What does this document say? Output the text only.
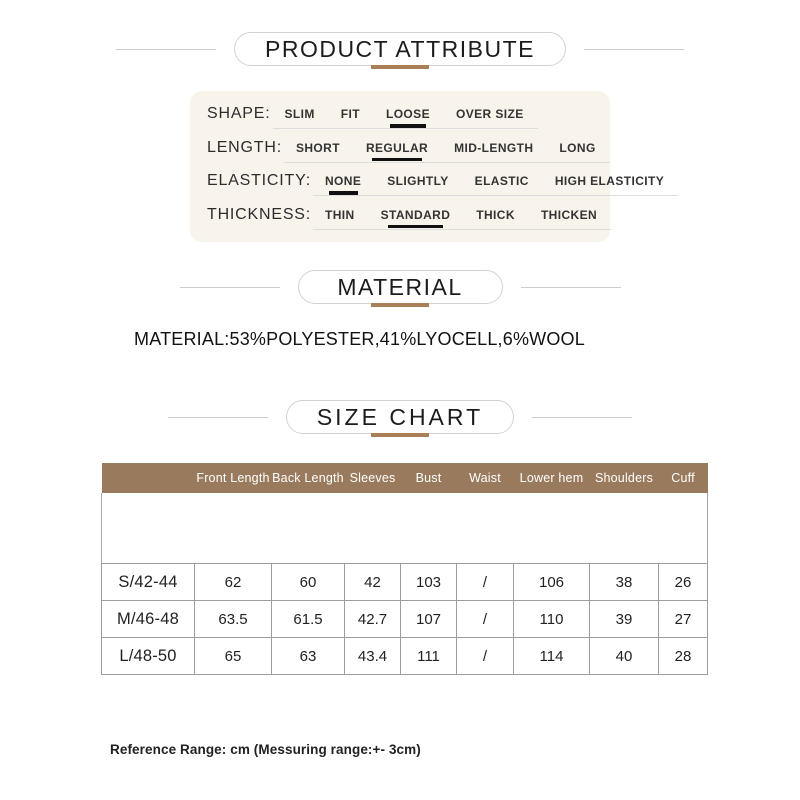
PRODUCT ATTRIBUTE
SHAPE: SLIM FIT LOOSE OVER SIZE
LENGTH: SHORT REGULAR MID-LENGTH LONG
ELASTICITY: NONE SLIGHTLY ELASTIC HIGH ELASTICITY
THICKNESS: THIN STANDARD THICK THICKEN
MATERIAL
MATERIAL:53%POLYESTER,41%LYOCELL,6%WOOL
SIZE CHART
	Front Length	Back Length	Sleeves	Bust	Waist	Lower hem	Shoulders	Cuff

S/42-44	62	60	42	103	/	106	38	26
M/46-48	63.5	61.5	42.7	107	/	110	39	27
L/48-50	65	63	43.4	111	/	114	40	28
Reference Range: cm (Messuring range:+- 3cm)
